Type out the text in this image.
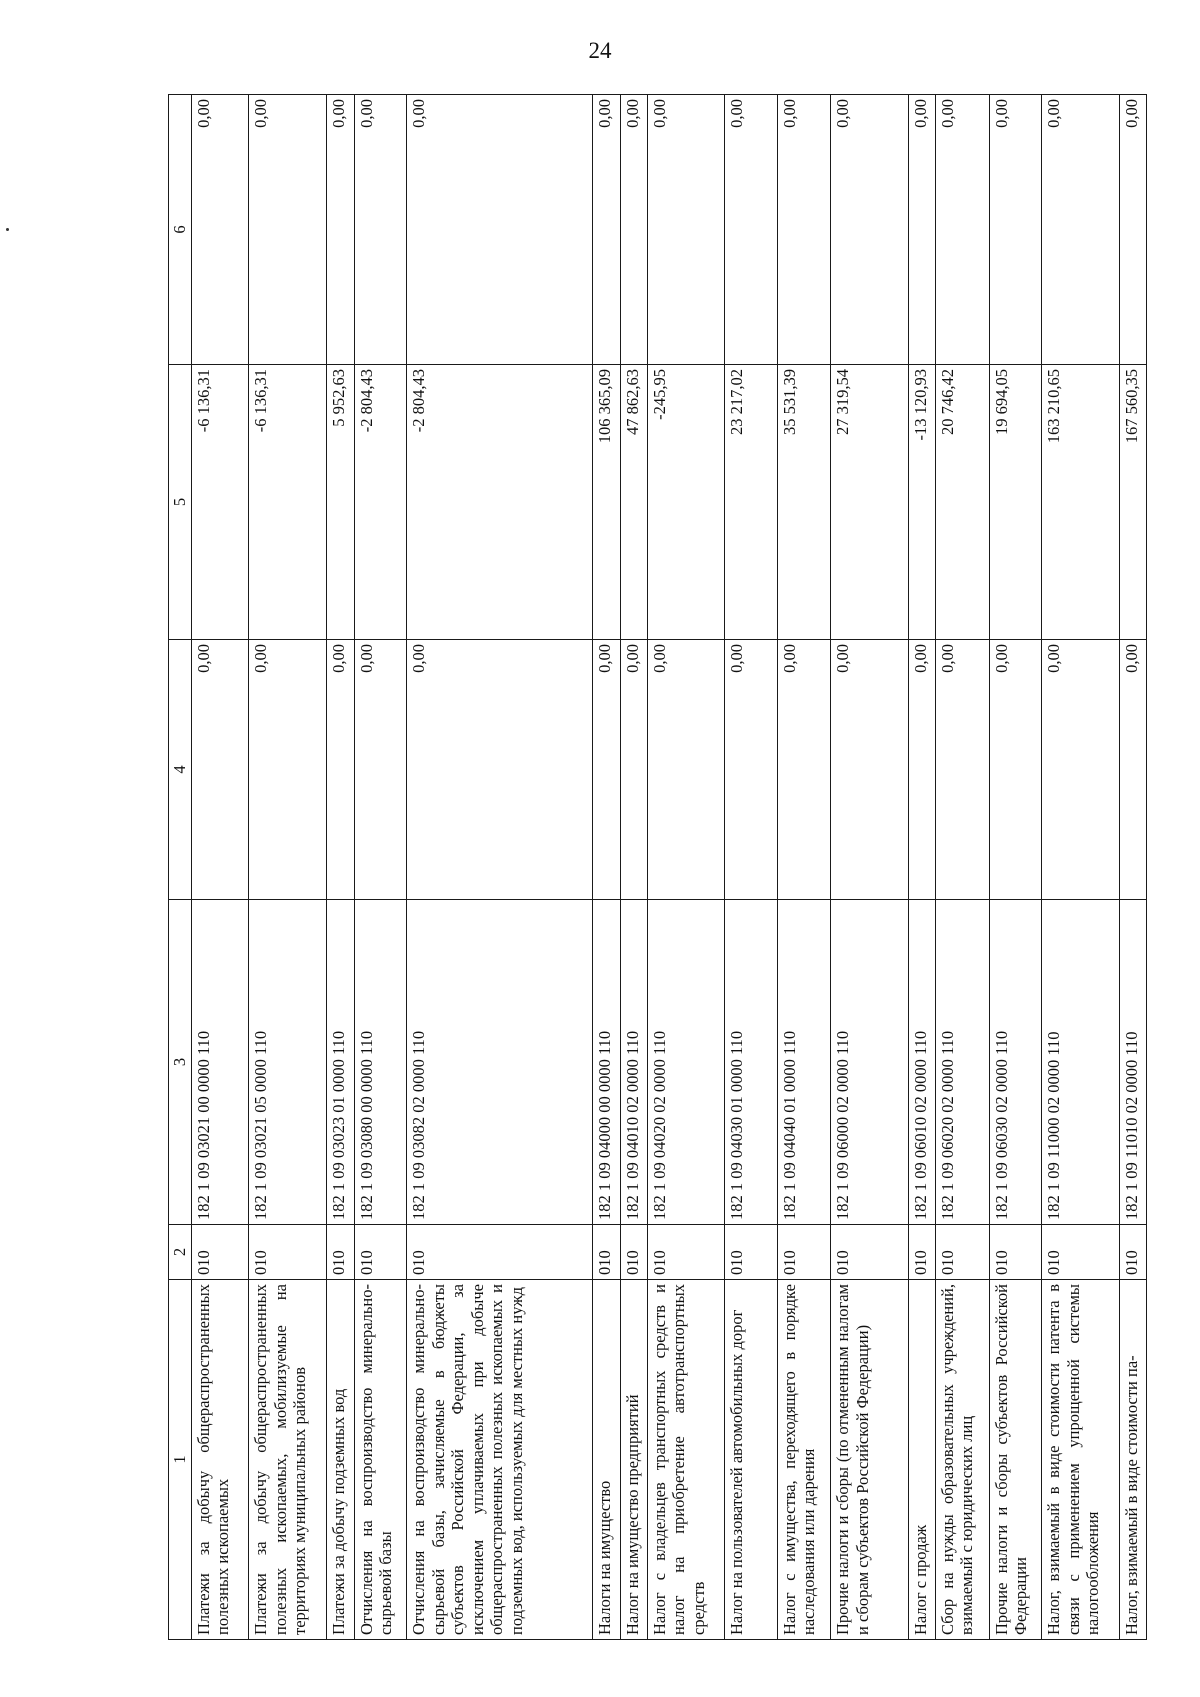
24
1	2	3	4	5	6
Платежи за добычу общераспространенных полезных ископаемых	010	182 1 09 03021 00 0000 110	0,00	-6 136,31	0,00
Платежи за добычу общераспространенных полезных ископаемых, мобилизуемые на территориях муниципальных районов	010	182 1 09 03021 05 0000 110	0,00	-6 136,31	0,00
Платежи за добычу подземных вод	010	182 1 09 03023 01 0000 110	0,00	5 952,63	0,00
Отчисления на воспроизводство минерально-сырьевой базы	010	182 1 09 03080 00 0000 110	0,00	-2 804,43	0,00
Отчисления на воспроизводство минерально-сырьевой базы, зачисляемые в бюджеты субъектов Российской Федерации, за исключением уплачиваемых при добыче общераспространенных полезных ископаемых и подземных вод, используемых для местных нужд	010	182 1 09 03082 02 0000 110	0,00	-2 804,43	0,00
Налоги на имущество	010	182 1 09 04000 00 0000 110	0,00	106 365,09	0,00
Налог на имущество предприятий	010	182 1 09 04010 02 0000 110	0,00	47 862,63	0,00
Налог с владельцев транспортных средств и налог на приобретение автотранспортных средств	010	182 1 09 04020 02 0000 110	0,00	-245,95	0,00
Налог на пользователей автомобильных дорог	010	182 1 09 04030 01 0000 110	0,00	23 217,02	0,00
Налог с имущества, переходящего в порядке наследования или дарения	010	182 1 09 04040 01 0000 110	0,00	35 531,39	0,00
Прочие налоги и сборы (по отмененным налогам и сборам субъектов Российской Федерации)	010	182 1 09 06000 02 0000 110	0,00	27 319,54	0,00
Налог с продаж	010	182 1 09 06010 02 0000 110	0,00	-13 120,93	0,00
Сбор на нужды образовательных учреждений, взимаемый с юридических лиц	010	182 1 09 06020 02 0000 110	0,00	20 746,42	0,00
Прочие налоги и сборы субъектов Российской Федерации	010	182 1 09 06030 02 0000 110	0,00	19 694,05	0,00
Налог, взимаемый в виде стоимости патента в связи с применением упрощенной системы налогообложения	010	182 1 09 11000 02 0000 110	0,00	163 210,65	0,00
Налог, взимаемый в виде стоимости па-	010	182 1 09 11010 02 0000 110	0,00	167 560,35	0,00
